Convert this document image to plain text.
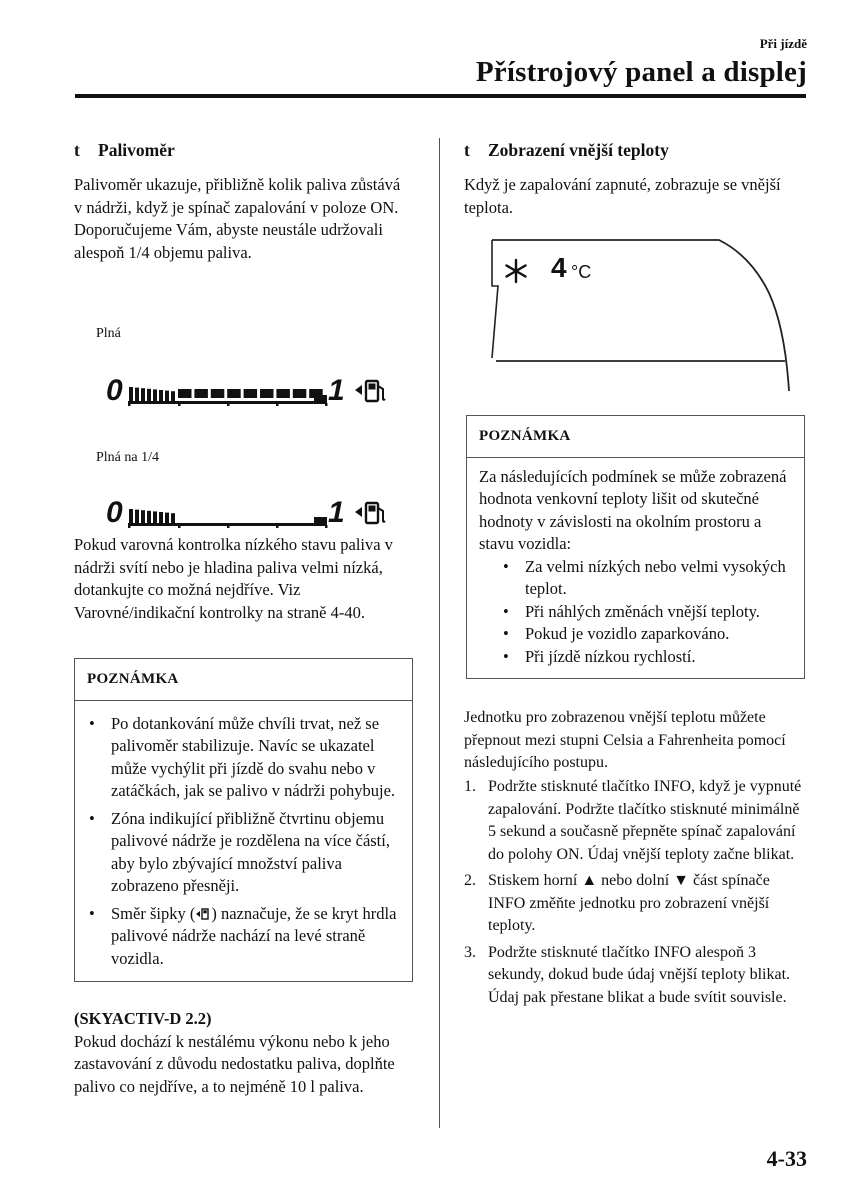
Při jízdě
Přístrojový panel a displej
t Palivoměr

Palivoměr ukazuje, přibližně kolik paliva zůstává v nádrži, když je spínač zapalování v poloze ON. Doporučujeme Vám, abyste neustále udržovali alespoň 1/4 objemu paliva.

Plná
0	1
Plná na 1/4
0	1

Pokud varovná kontrolka nízkého stavu paliva v nádrži svítí nebo je hladina paliva velmi nízká, dotankujte co možná nejdříve. Viz Varovné/indikační kontrolky na straně 4-40.

POZNÁMKA
• Po dotankování může chvíli trvat, než se palivoměr stabilizuje. Navíc se ukazatel může vychýlit při jízdě do svahu nebo v zatáčkách, jak se palivo v nádrži pohybuje.
• Zóna indikující přibližně čtvrtinu objemu palivové nádrže je rozdělena na více částí, aby bylo zbývající množství paliva zobrazeno přesněji.
• Směr šipky ( ) naznačuje, že se kryt hrdla palivové nádrže nachází na levé straně vozidla.
(SKYACTIV-D 2.2)

Pokud dochází k nestálému výkonu nebo k jeho zastavování z důvodu nedostatku paliva, doplňte palivo co nejdříve, a to nejméně 10 l paliva.

t Zobrazení vnější teploty

Když je zapalování zapnuté, zobrazuje se vnější teplota.

4 °C
POZNÁMKA

Za následujících podmínek se může zobrazená hodnota venkovní teploty lišit od skutečné hodnoty v závislosti na okolním prostoru a stavu vozidla:

• Za velmi nízkých nebo velmi vysokých teplot.
• Při náhlých změnách vnější teploty.
• Pokud je vozidlo zaparkováno.
• Při jízdě nízkou rychlostí.

Jednotku pro zobrazenou vnější teplotu můžete přepnout mezi stupni Celsia a Fahrenheita pomocí následujícího postupu.

1. Podržte stisknuté tlačítko INFO, když je vypnuté zapalování. Podržte tlačítko stisknuté minimálně 5 sekund a současně přepněte spínač zapalování do polohy ON. Údaj vnější teploty začne blikat.
2. Stiskem horní ▲ nebo dolní ▼ část spínače INFO změňte jednotku pro zobrazení vnější teploty.
3. Podržte stisknuté tlačítko INFO alespoň 3 sekundy, dokud bude údaj vnější teploty blikat. Údaj pak přestane blikat a bude svítit souvisle.
4-33
